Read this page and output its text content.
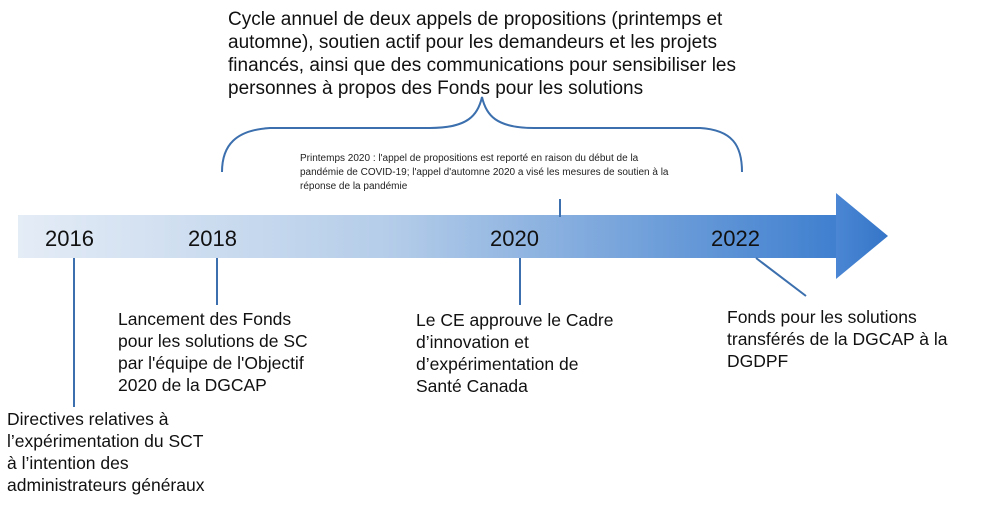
Cycle annuel de deux appels de propositions (printemps et
automne), soutien actif pour les demandeurs et les projets
financés, ainsi que des communications pour sensibiliser les
personnes à propos des Fonds pour les solutions

Printemps 2020 : l'appel de propositions est reporté en raison du début de la
pandémie de COVID-19; l'appel d'automne 2020 a visé les mesures de soutien à la
réponse de la pandémie

2016	2018	2020	2022

Lancement des Fonds
pour les solutions de SC
par l'équipe de l'Objectif
2020 de la DGCAP

Le CE approuve le Cadre
d’innovation et
d’expérimentation de
Santé Canada

Fonds pour les solutions
transférés de la DGCAP à la
DGDPF

Directives relatives à
l’expérimentation du SCT
à l’intention des
administrateurs généraux
